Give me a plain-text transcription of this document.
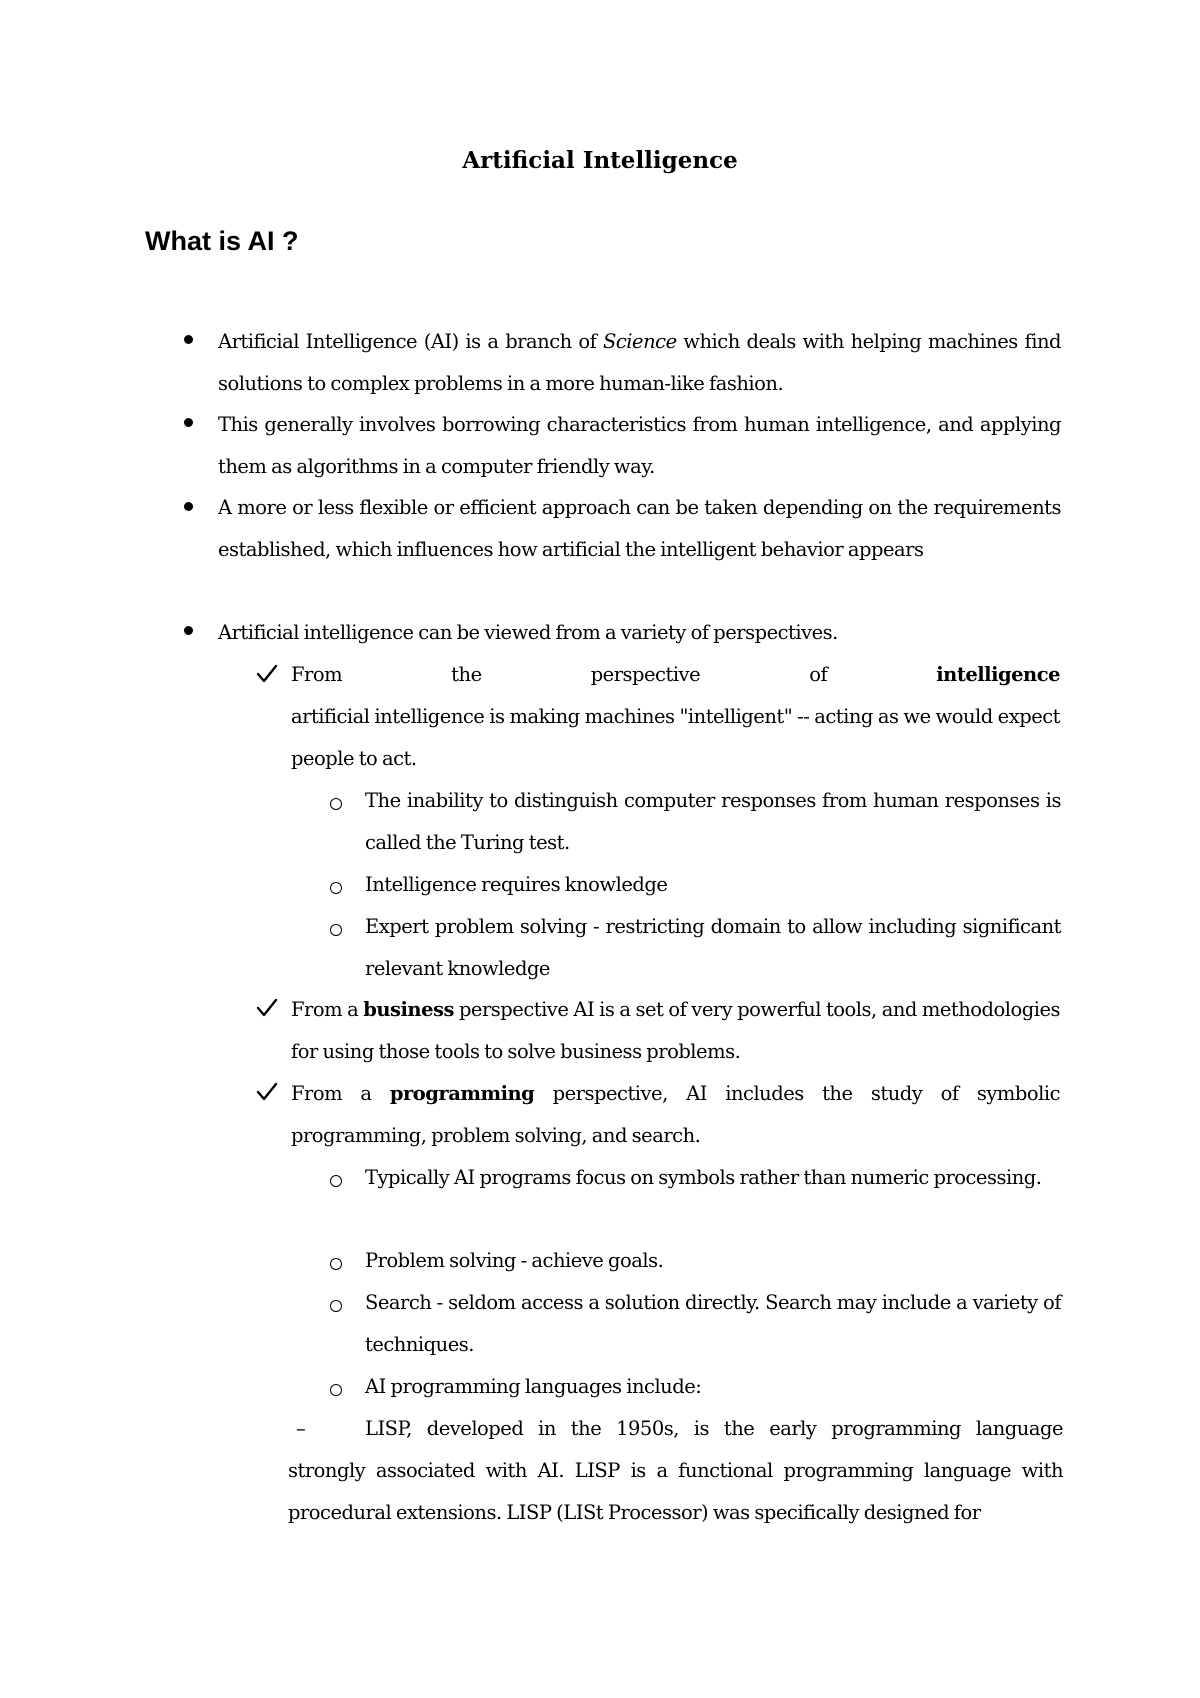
Artificial Intelligence
What is AI ?
Artificial Intelligence (AI) is a branch of Science which deals with helping machines find solutions to complex problems in a more human-like fashion.
This generally involves borrowing characteristics from human intelligence, and applying them as algorithms in a computer friendly way.
A more or less flexible or efficient approach can be taken depending on the requirements established, which influences how artificial the intelligent behavior appears
Artificial intelligence can be viewed from a variety of perspectives.
From	the	perspective	of	intelligence
artificial intelligence is making machines "intelligent" -- acting as we would expect people to act.
The inability to distinguish computer responses from human responses is called the Turing test.
Intelligence requires knowledge
Expert problem solving - restricting domain to allow including significant relevant knowledge
From a business perspective AI is a set of very powerful tools, and methodologies for using those tools to solve business problems.
From a programming perspective, AI includes the study of symbolic programming, problem solving, and search.
Typically AI programs focus on symbols rather than numeric processing.
Problem solving - achieve goals.
Search - seldom access a solution directly. Search may include a variety of techniques.
AI programming languages include:
–	LISP, developed in the 1950s, is the early programming language
strongly associated with AI. LISP is a functional programming language with procedural extensions. LISP (LISt Processor) was specifically designed for
